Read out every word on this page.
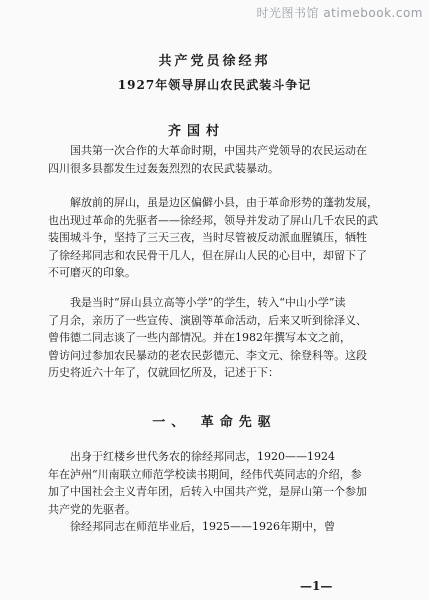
时光图书馆 atimebook.com
共产党员徐经邦
1927年领导屏山农民武装斗争记
齐国村
国共第一次合作的大革命时期，中国共产党领导的农民运动在
四川很多县都发生过轰轰烈烈的农民武装暴动。
解放前的屏山，虽是边区偏僻小县，由于革命形势的蓬勃发展，
也出现过革命的先驱者——徐经邦，领导并发动了屏山几千农民的武
装围城斗争，坚持了三天三夜，当时尽管被反动派血腥镇压，牺牲
了徐经邦同志和农民骨干几人，但在屏山人民的心目中，却留下了
不可磨灭的印象。
我是当时“屏山县立高等小学”的学生，转入“中山小学”读
了月余，亲历了一些宣传、演剧等革命活动，后来又听到徐泽义、
曾伟德二同志谈了一些内部情况。并在1982年撰写本文之前，
曾访问过参加农民暴动的老农民彭德元、李文元、徐登科等。这段
历史将近六十年了，仅就回忆所及，记述于下：
一、 革命先驱
出身于红楼乡世代务农的徐经邦同志，1920——1924
年在泸州“川南联立师范学校读书期间，经伟代英同志的介绍，参
加了中国社会主义青年团，后转入中国共产党，是屏山第一个参加
共产党的先驱者。
徐经邦同志在师范毕业后，1925——1926年期中，曾
—1—
